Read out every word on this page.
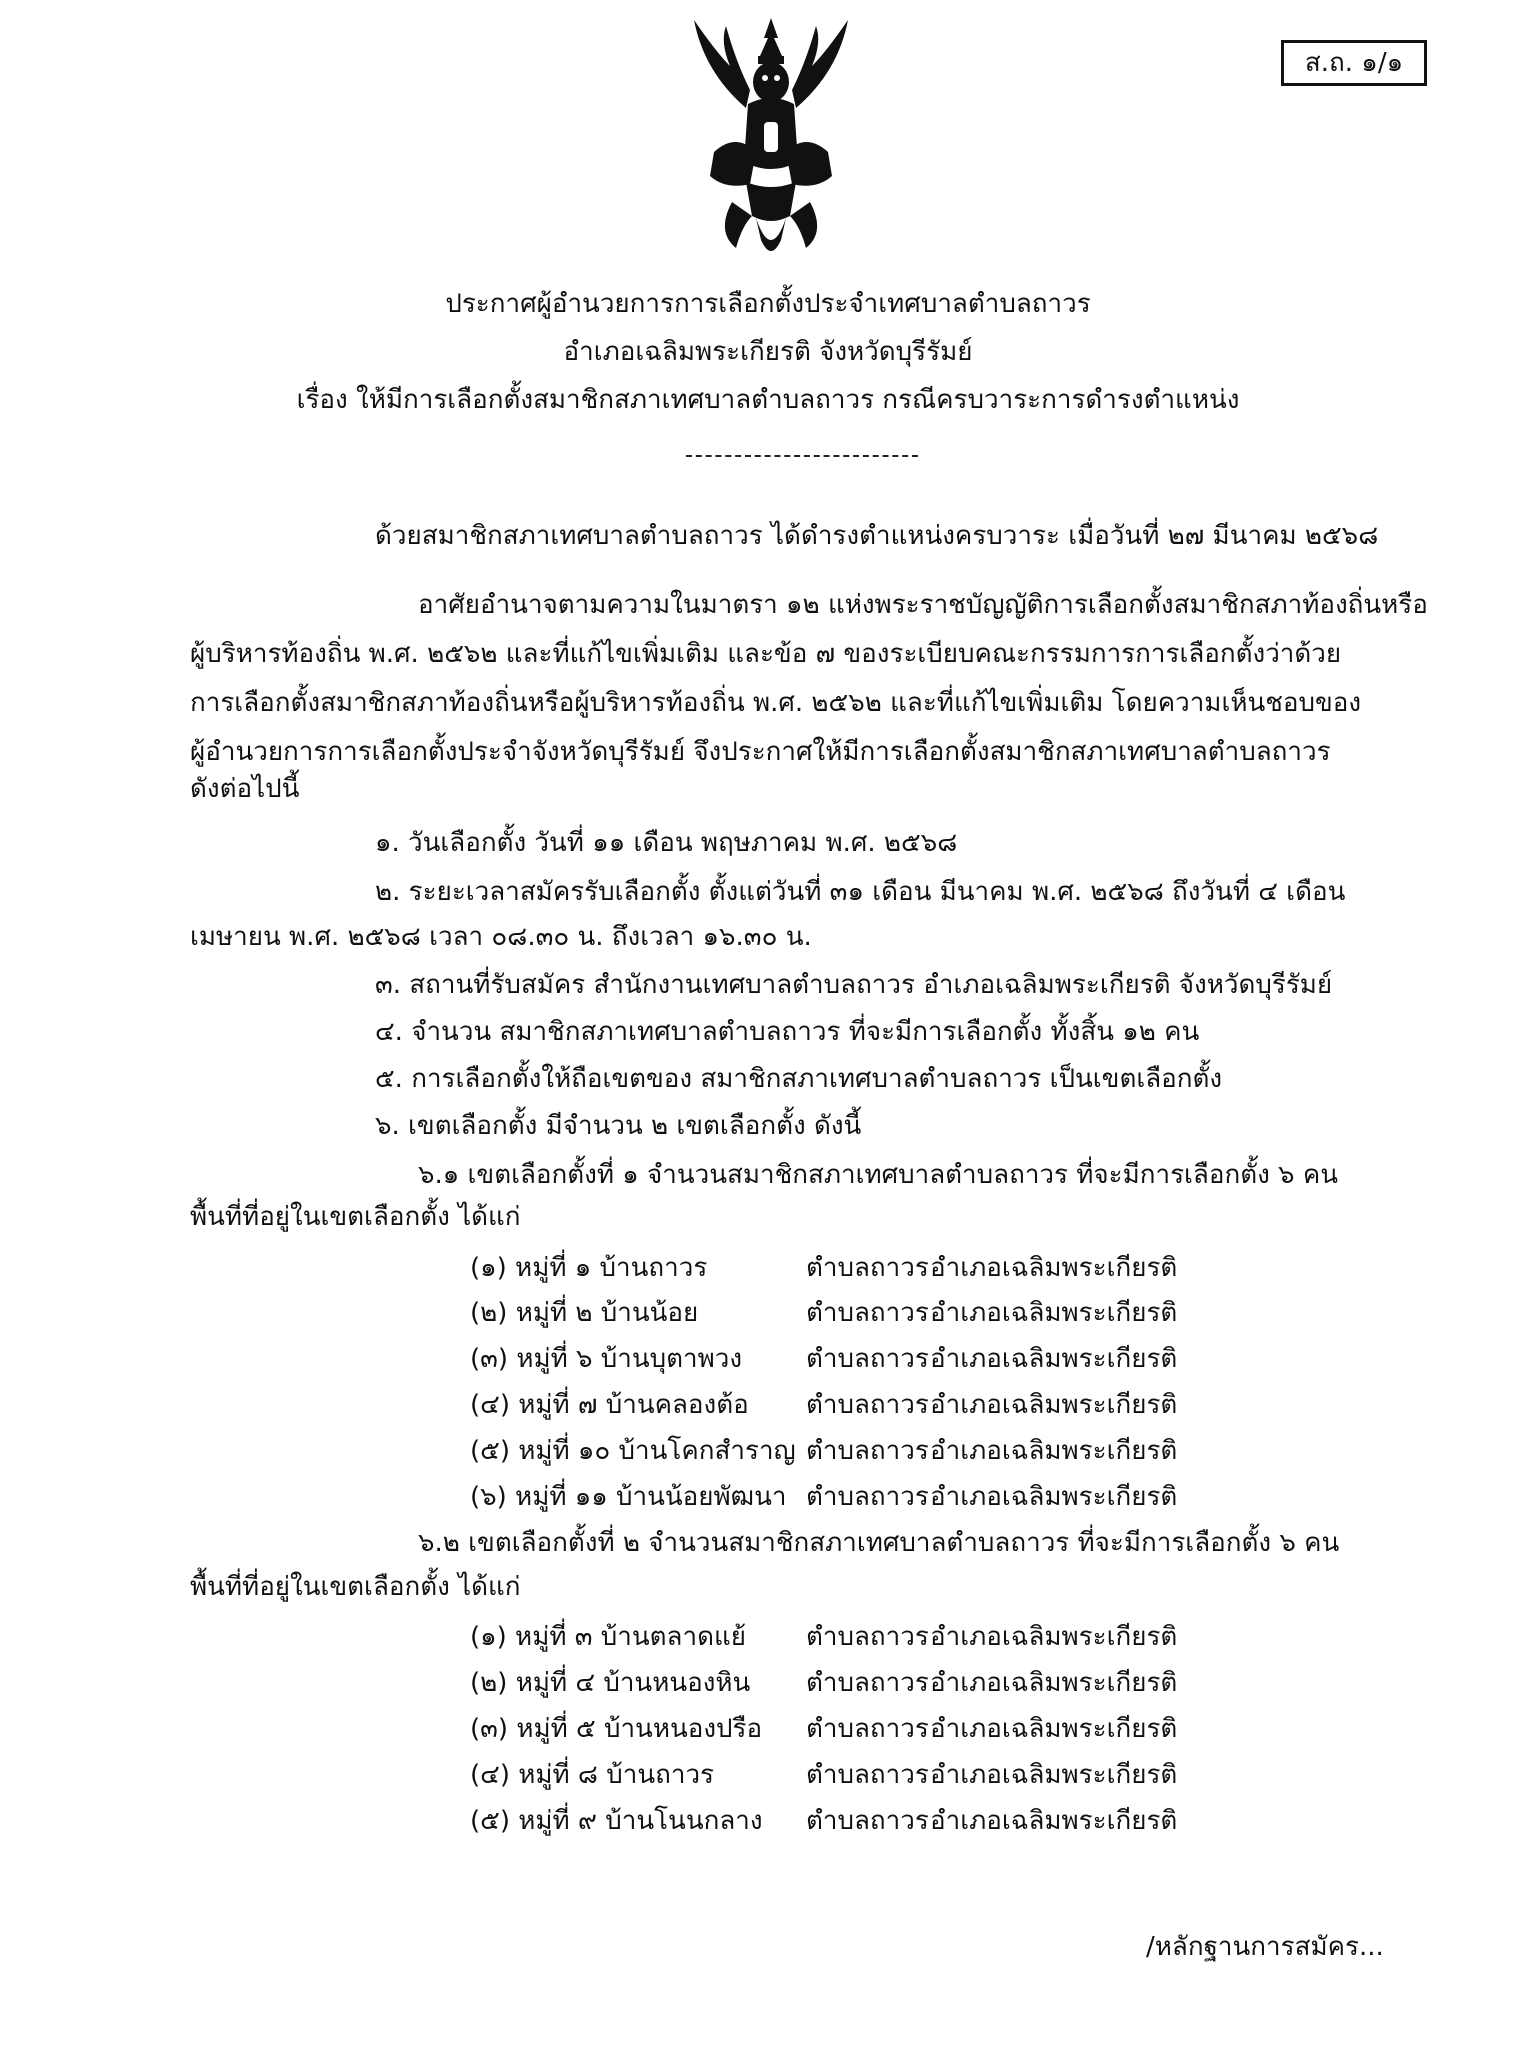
ส.ถ. ๑/๑
ประกาศผู้อำนวยการการเลือกตั้งประจำเทศบาลตำบลถาวร
อำเภอเฉลิมพระเกียรติ จังหวัดบุรีรัมย์
เรื่อง ให้มีการเลือกตั้งสมาชิกสภาเทศบาลตำบลถาวร กรณีครบวาระการดำรงตำแหน่ง
ด้วยสมาชิกสภาเทศบาลตำบลถาวร ได้ดำรงตำแหน่งครบวาระ เมื่อวันที่ ๒๗ มีนาคม ๒๕๖๘
อาศัยอำนาจตามความในมาตรา ๑๒ แห่งพระราชบัญญัติการเลือกตั้งสมาชิกสภาท้องถิ่นหรือ
ผู้บริหารท้องถิ่น พ.ศ. ๒๕๖๒ และที่แก้ไขเพิ่มเติม และข้อ ๗ ของระเบียบคณะกรรมการการเลือกตั้งว่าด้วย
การเลือกตั้งสมาชิกสภาท้องถิ่นหรือผู้บริหารท้องถิ่น พ.ศ. ๒๕๖๒ และที่แก้ไขเพิ่มเติม โดยความเห็นชอบของ
ผู้อำนวยการการเลือกตั้งประจำจังหวัดบุรีรัมย์ จึงประกาศให้มีการเลือกตั้งสมาชิกสภาเทศบาลตำบลถาวร
ดังต่อไปนี้
๑. วันเลือกตั้ง วันที่ ๑๑ เดือน พฤษภาคม พ.ศ. ๒๕๖๘
๒. ระยะเวลาสมัครรับเลือกตั้ง ตั้งแต่วันที่ ๓๑ เดือน มีนาคม พ.ศ. ๒๕๖๘ ถึงวันที่ ๔ เดือน
เมษายน พ.ศ. ๒๕๖๘ เวลา ๐๘.๓๐ น. ถึงเวลา ๑๖.๓๐ น.
๓. สถานที่รับสมัคร สำนักงานเทศบาลตำบลถาวร อำเภอเฉลิมพระเกียรติ จังหวัดบุรีรัมย์
๔. จำนวน สมาชิกสภาเทศบาลตำบลถาวร ที่จะมีการเลือกตั้ง ทั้งสิ้น ๑๒ คน
๕. การเลือกตั้งให้ถือเขตของ สมาชิกสภาเทศบาลตำบลถาวร เป็นเขตเลือกตั้ง
๖. เขตเลือกตั้ง มีจำนวน ๒ เขตเลือกตั้ง ดังนี้
๖.๑ เขตเลือกตั้งที่ ๑ จำนวนสมาชิกสภาเทศบาลตำบลถาวร ที่จะมีการเลือกตั้ง ๖ คน
พื้นที่ที่อยู่ในเขตเลือกตั้ง ได้แก่
(๑) หมู่ที่ ๑ บ้านถาวร	ตำบลถาวร อำเภอเฉลิมพระเกียรติ
(๒) หมู่ที่ ๒ บ้านน้อย	ตำบลถาวร อำเภอเฉลิมพระเกียรติ
(๓) หมู่ที่ ๖ บ้านบุตาพวง ตำบลถาวร อำเภอเฉลิมพระเกียรติ
(๔) หมู่ที่ ๗ บ้านคลองต้อ ตำบลถาวร อำเภอเฉลิมพระเกียรติ
(๕) หมู่ที่ ๑๐ บ้านโคกสำราญ ตำบลถาวร อำเภอเฉลิมพระเกียรติ
(๖) หมู่ที่ ๑๑ บ้านน้อยพัฒนา ตำบลถาวร อำเภอเฉลิมพระเกียรติ
๖.๒ เขตเลือกตั้งที่ ๒ จำนวนสมาชิกสภาเทศบาลตำบลถาวร ที่จะมีการเลือกตั้ง ๖ คน
พื้นที่ที่อยู่ในเขตเลือกตั้ง ได้แก่
(๑) หมู่ที่ ๓ บ้านตลาดแย้ ตำบลถาวร อำเภอเฉลิมพระเกียรติ
(๒) หมู่ที่ ๔ บ้านหนองหิน ตำบลถาวร อำเภอเฉลิมพระเกียรติ
(๓) หมู่ที่ ๕ บ้านหนองปรือ ตำบลถาวร อำเภอเฉลิมพระเกียรติ
(๔) หมู่ที่ ๘ บ้านถาวร	ตำบลถาวร อำเภอเฉลิมพระเกียรติ
(๕) หมู่ที่ ๙ บ้านโนนกลาง ตำบลถาวร อำเภอเฉลิมพระเกียรติ
/หลักฐานการสมัคร...
